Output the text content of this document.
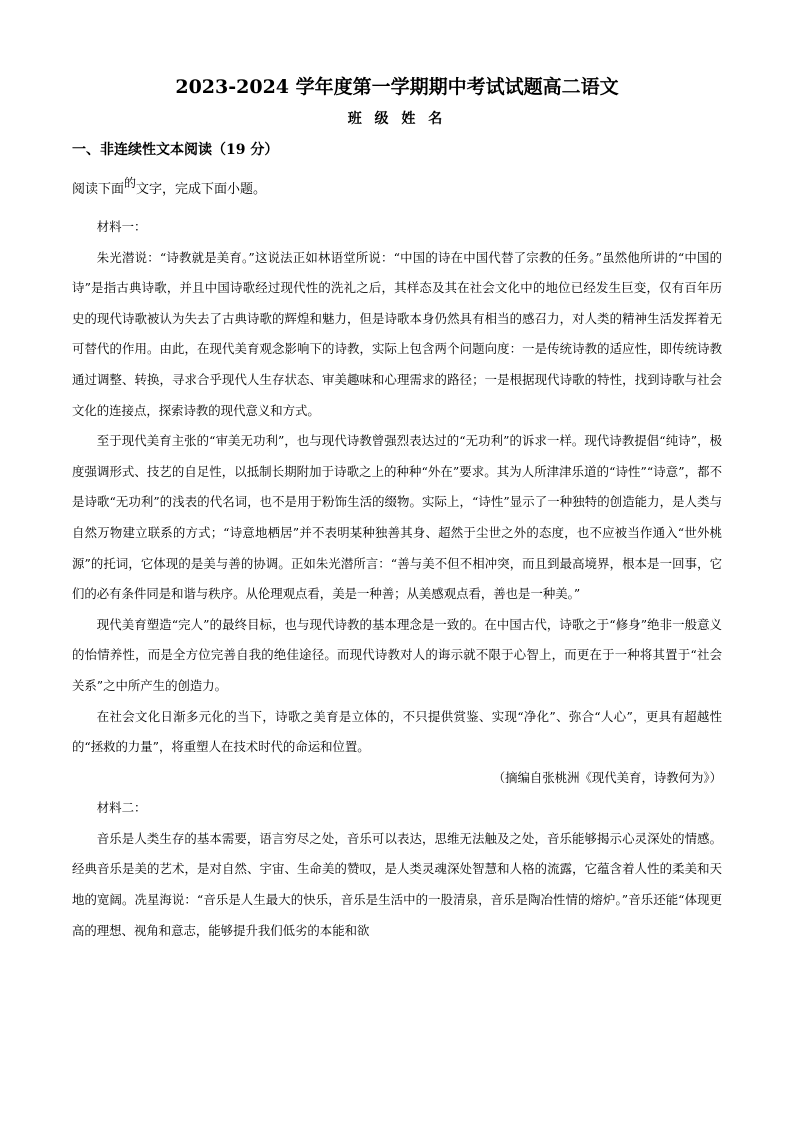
2023-2024 学年度第一学期期中考试试题高二语文
班 级 姓 名
一、非连续性文本阅读（19 分）
阅读下面的文字，完成下面小题。

材料一：

朱光潜说：“诗教就是美育。”这说法正如林语堂所说：“中国的诗在中国代替了宗教的任务。”虽然他所讲的“中国的诗”是指古典诗歌，并且中国诗歌经过现代性的洗礼之后，其样态及其在社会文化中的地位已经发生巨变，仅有百年历史的现代诗歌被认为失去了古典诗歌的辉煌和魅力，但是诗歌本身仍然具有相当的感召力，对人类的精神生活发挥着无可替代的作用。由此，在现代美育观念影响下的诗教，实际上包含两个问题向度：一是传统诗教的适应性，即传统诗教通过调整、转换，寻求合乎现代人生存状态、审美趣味和心理需求的路径；一是根据现代诗歌的特性，找到诗歌与社会文化的连接点，探索诗教的现代意义和方式。

至于现代美育主张的“审美无功利”，也与现代诗教曾强烈表达过的“无功利”的诉求一样。现代诗教提倡“纯诗”，极度强调形式、技艺的自足性，以抵制长期附加于诗歌之上的种种“外在”要求。其为人所津津乐道的“诗性”“诗意”，都不是诗歌“无功利”的浅表的代名词，也不是用于粉饰生活的缀物。实际上，“诗性”显示了一种独特的创造能力，是人类与自然万物建立联系的方式；“诗意地栖居”并不表明某种独善其身、超然于尘世之外的态度，也不应被当作通入“世外桃源”的托词，它体现的是美与善的协调。正如朱光潜所言：“善与美不但不相冲突，而且到最高境界，根本是一回事，它们的必有条件同是和谐与秩序。从伦理观点看，美是一种善；从美感观点看，善也是一种美。”

现代美育塑造“完人”的最终目标，也与现代诗教的基本理念是一致的。在中国古代，诗歌之于“修身”绝非一般意义的怡情养性，而是全方位完善自我的绝佳途径。而现代诗教对人的诲示就不限于心智上，而更在于一种将其置于“社会关系”之中所产生的创造力。

在社会文化日渐多元化的当下，诗歌之美育是立体的，不只提供赏鉴、实现“净化”、弥合“人心”，更具有超越性的“拯救的力量”，将重塑人在技术时代的命运和位置。

（摘编自张桃洲《现代美育，诗教何为》）

材料二：

音乐是人类生存的基本需要，语言穷尽之处，音乐可以表达，思维无法触及之处，音乐能够揭示心灵深处的情感。经典音乐是美的艺术，是对自然、宇宙、生命美的赞叹，是人类灵魂深处智慧和人格的流露，它蕴含着人性的柔美和天地的宽阔。冼星海说：“音乐是人生最大的快乐，音乐是生活中的一股清泉，音乐是陶冶性情的熔炉。”音乐还能“体现更高的理想、视角和意志，能够提升我们低劣的本能和欲
